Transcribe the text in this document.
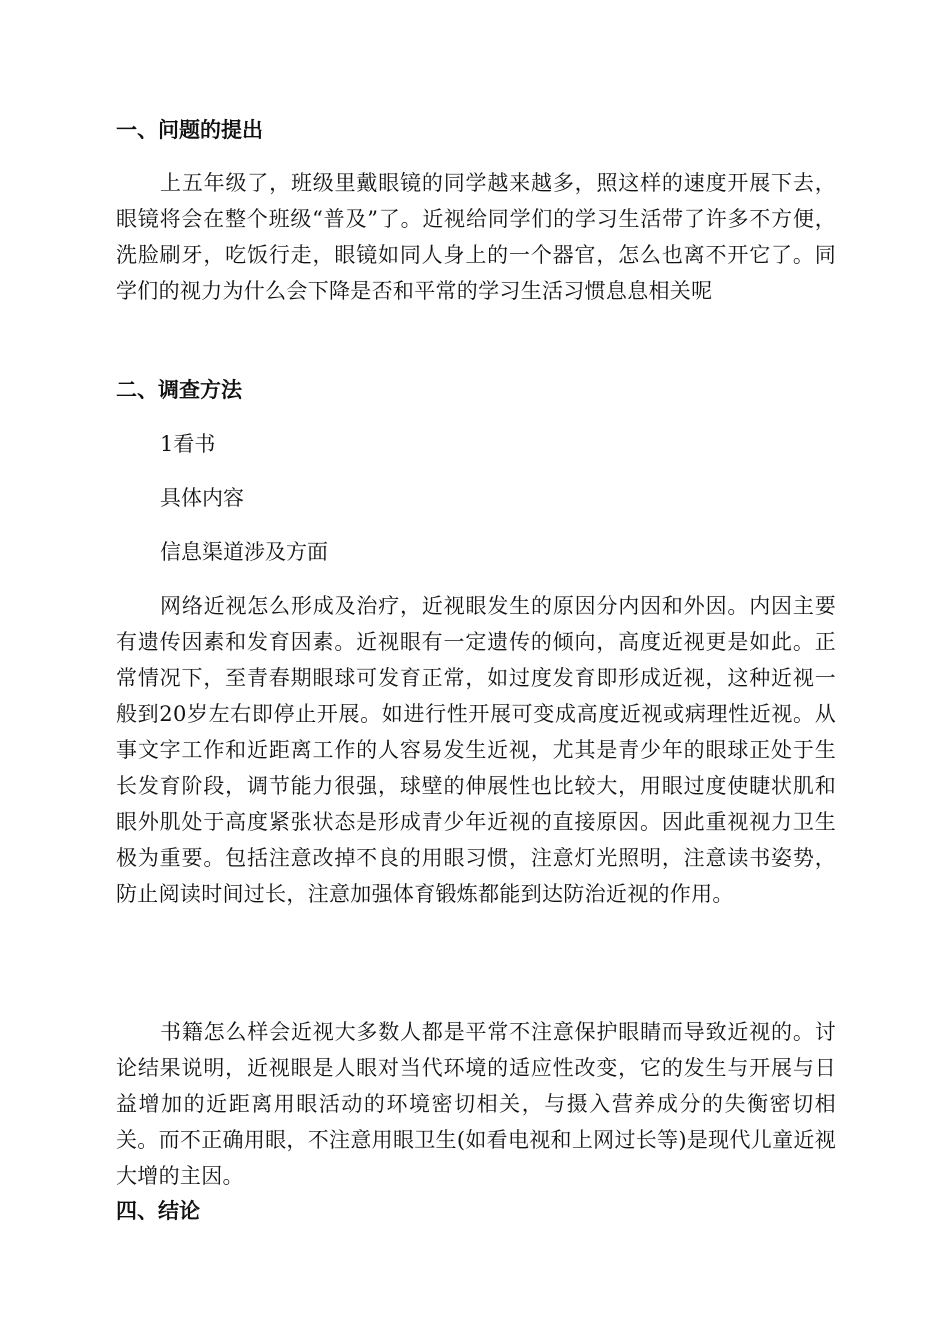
一、问题的提出
上五年级了，班级里戴眼镜的同学越来越多，照这样的速度开展下去，眼镜将会在整个班级“普及”了。近视给同学们的学习生活带了许多不方便，洗脸刷牙，吃饭行走，眼镜如同人身上的一个器官，怎么也离不开它了。同学们的视力为什么会下降是否和平常的学习生活习惯息息相关呢
二、调查方法
1看书
具体内容
信息渠道涉及方面
网络近视怎么形成及治疗，近视眼发生的原因分内因和外因。内因主要有遗传因素和发育因素。近视眼有一定遗传的倾向，高度近视更是如此。正常情况下，至青春期眼球可发育正常，如过度发育即形成近视，这种近视一般到20岁左右即停止开展。如进行性开展可变成高度近视或病理性近视。从事文字工作和近距离工作的人容易发生近视，尤其是青少年的眼球正处于生长发育阶段，调节能力很强，球壁的伸展性也比较大，用眼过度使睫状肌和眼外肌处于高度紧张状态是形成青少年近视的直接原因。因此重视视力卫生极为重要。包括注意改掉不良的用眼习惯，注意灯光照明，注意读书姿势，防止阅读时间过长，注意加强体育锻炼都能到达防治近视的作用。
书籍怎么样会近视大多数人都是平常不注意保护眼睛而导致近视的。讨论结果说明，近视眼是人眼对当代环境的适应性改变，它的发生与开展与日益增加的近距离用眼活动的环境密切相关，与摄入营养成分的失衡密切相关。而不正确用眼，不注意用眼卫生(如看电视和上网过长等)是现代儿童近视大增的主因。
四、结论
